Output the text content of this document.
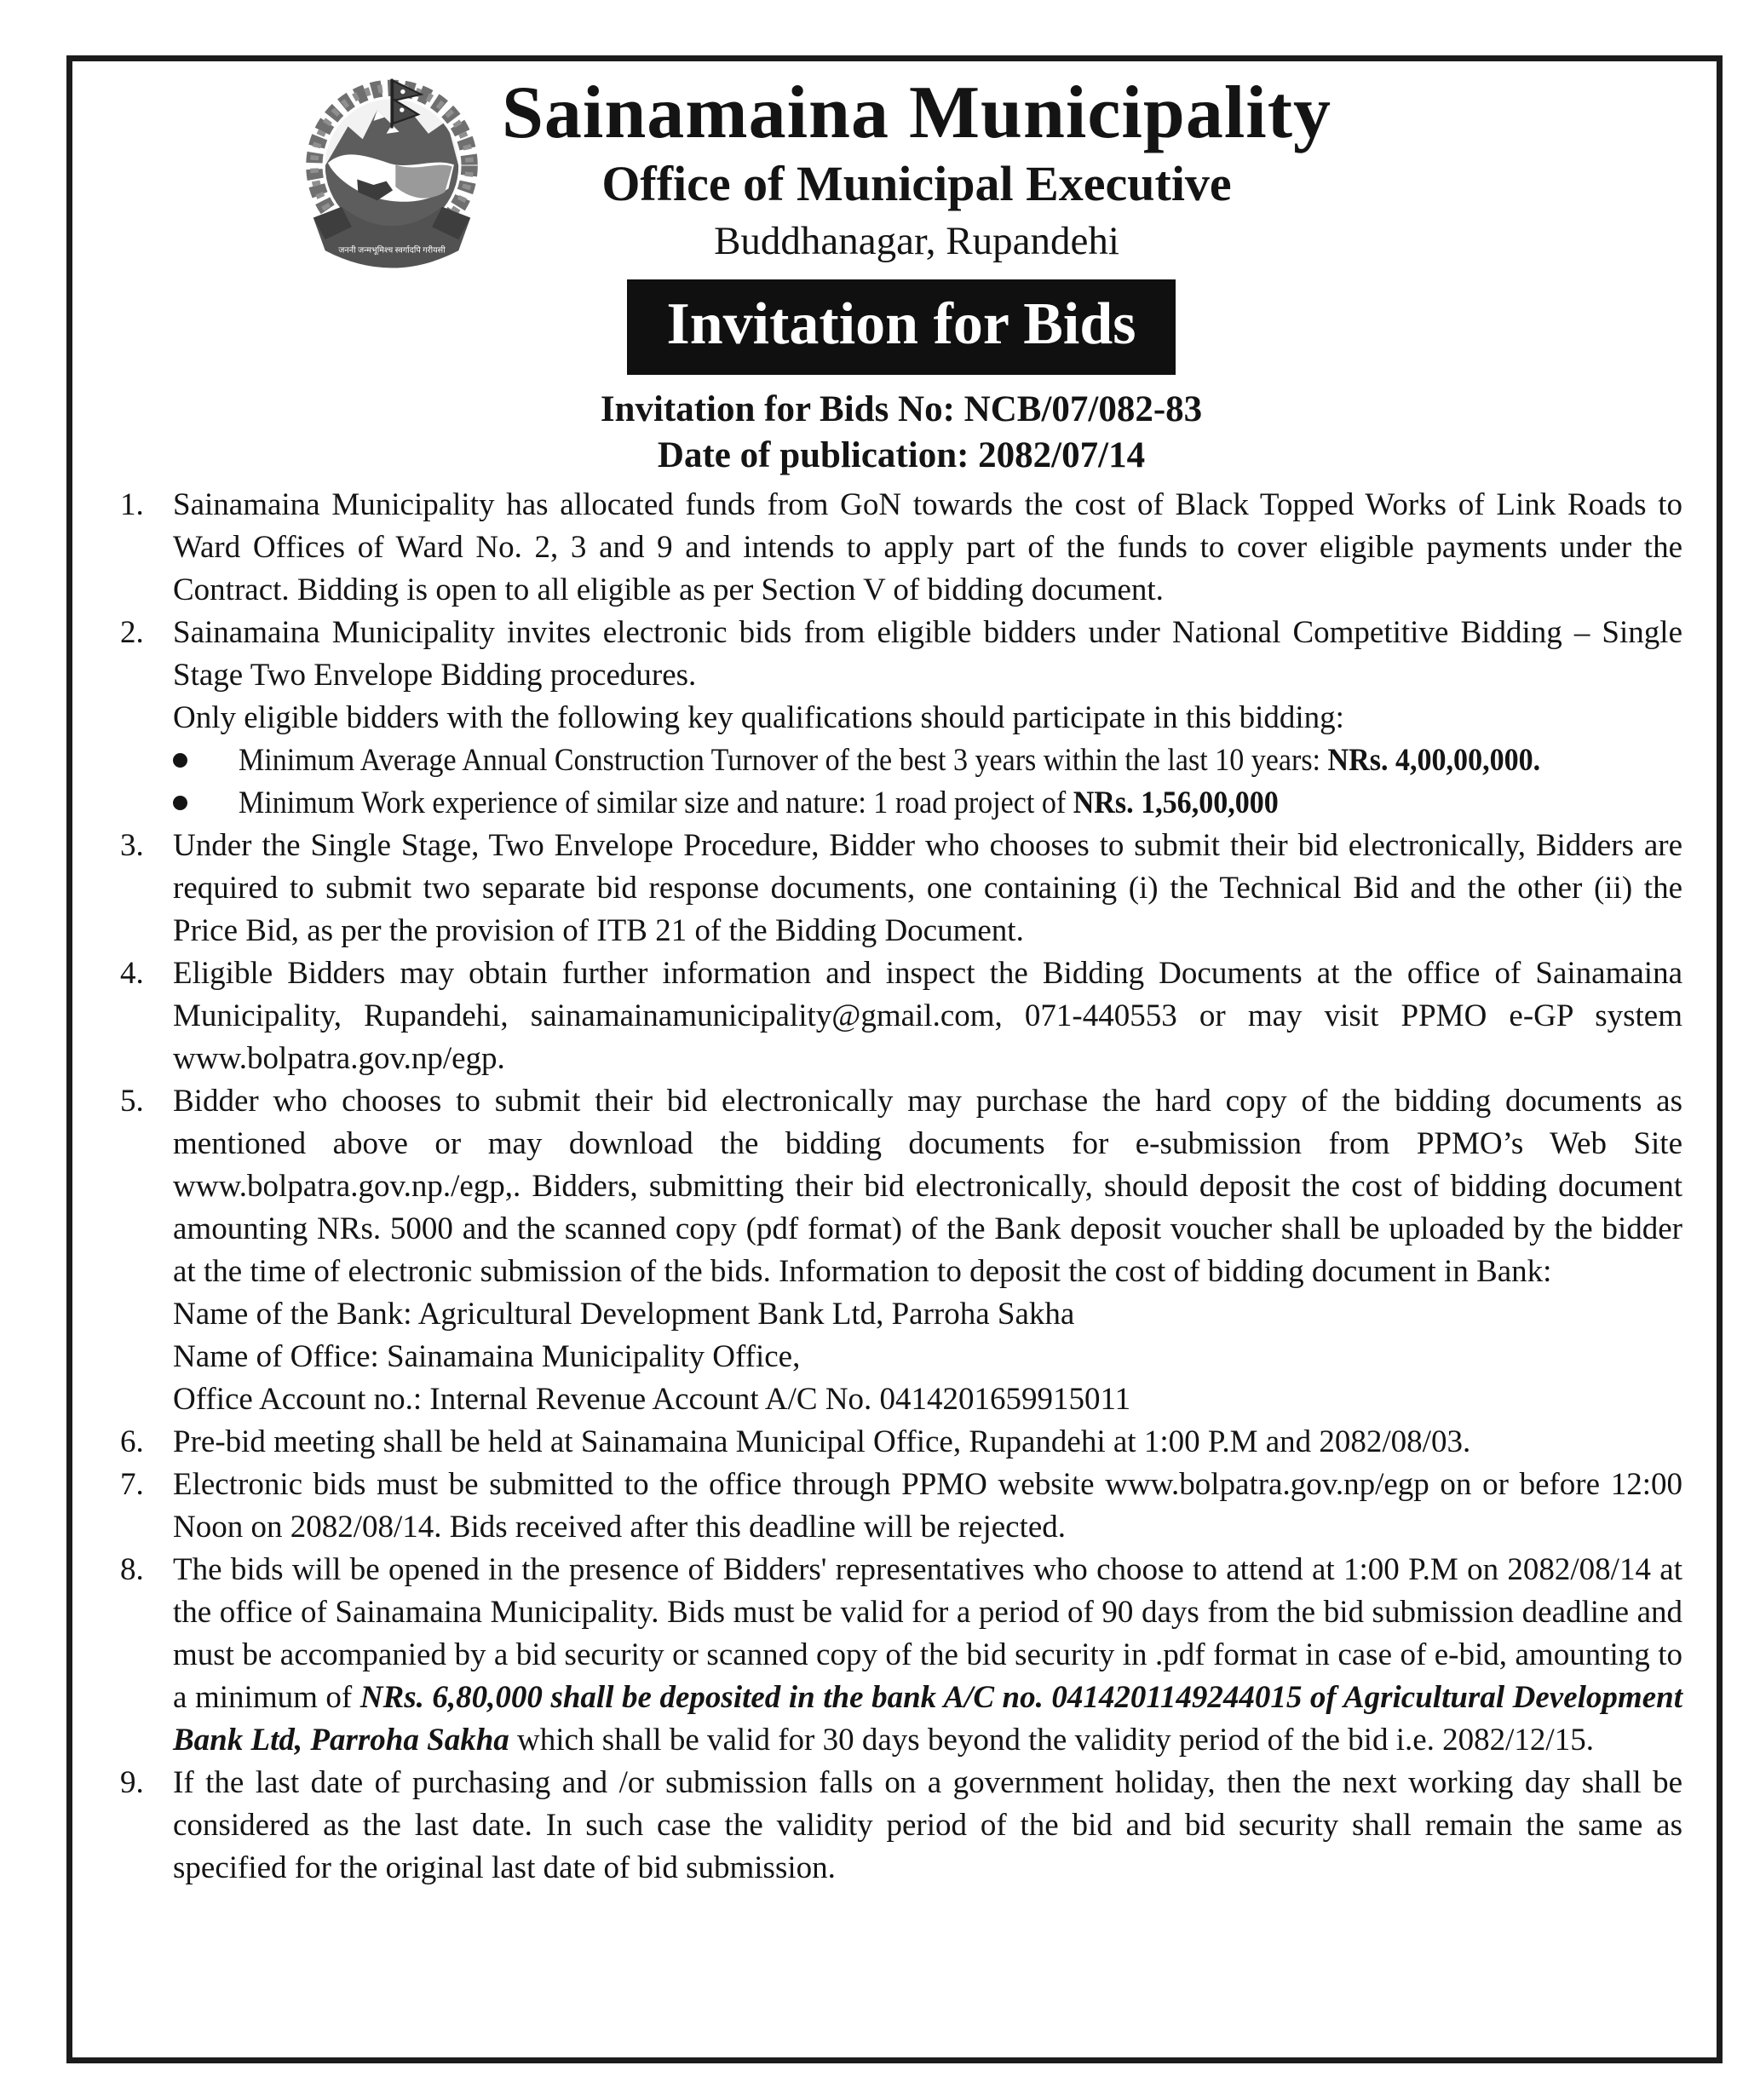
जननी जन्मभूमिश्च स्वर्गादपि गरीयसी
Sainamaina Municipality
Office of Municipal Executive
Buddhanagar, Rupandehi
Invitation for Bids
Invitation for Bids No: NCB/07/082-83
Date of publication: 2082/07/14
1. Sainamaina Municipality has allocated funds from GoN towards the cost of Black Topped Works of Link Roads to Ward Offices of Ward No. 2, 3 and 9 and intends to apply part of the funds to cover eligible payments under the Contract. Bidding is open to all eligible as per Section V of bidding document.

2. Sainamaina Municipality invites electronic bids from eligible bidders under National Competitive Bidding – Single Stage Two Envelope Bidding procedures.

Only eligible bidders with the following key qualifications should participate in this bidding:

Minimum Average Annual Construction Turnover of the best 3 years within the last 10 years: NRs. 4,00,00,000.
Minimum Work experience of similar size and nature: 1 road project of NRs. 1,56,00,000
3. Under the Single Stage, Two Envelope Procedure, Bidder who chooses to submit their bid electronically, Bidders are required to submit two separate bid response documents, one containing (i) the Technical Bid and the other (ii) the Price Bid, as per the provision of ITB 21 of the Bidding Document.

4. Eligible Bidders may obtain further information and inspect the Bidding Documents at the office of Sainamaina Municipality, Rupandehi, sainamainamunicipality@gmail.com, 071-440553 or may visit PPMO e-GP system www.bolpatra.gov.np/egp.

5. Bidder who chooses to submit their bid electronically may purchase the hard copy of the bidding documents as mentioned above or may download the bidding documents for e-submission from PPMO’s Web Site www.bolpatra.gov.np./egp,. Bidders, submitting their bid electronically, should deposit the cost of bidding document amounting NRs. 5000 and the scanned copy (pdf format) of the Bank deposit voucher shall be uploaded by the bidder at the time of electronic submission of the bids. Information to deposit the cost of bidding document in Bank:

Name of the Bank: Agricultural Development Bank Ltd, Parroha Sakha

Name of Office: Sainamaina Municipality Office,

Office Account no.: Internal Revenue Account A/C No. 0414201659915011

6. Pre-bid meeting shall be held at Sainamaina Municipal Office, Rupandehi at 1:00 P.M and 2082/08/03.

7. Electronic bids must be submitted to the office through PPMO website www.bolpatra.gov.np/egp on or before 12:00 Noon on 2082/08/14. Bids received after this deadline will be rejected.

8. The bids will be opened in the presence of Bidders' representatives who choose to attend at 1:00 P.M on 2082/08/14 at the office of Sainamaina Municipality. Bids must be valid for a period of 90 days from the bid submission deadline and must be accompanied by a bid security or scanned copy of the bid security in .pdf format in case of e-bid, amounting to a minimum of NRs. 6,80,000 shall be deposited in the bank A/C no. 0414201149244015 of Agricultural Development Bank Ltd, Parroha Sakha which shall be valid for 30 days beyond the validity period of the bid i.e. 2082/12/15.

9. If the last date of purchasing and /or submission falls on a government holiday, then the next working day shall be considered as the last date. In such case the validity period of the bid and bid security shall remain the same as specified for the original last date of bid submission.
